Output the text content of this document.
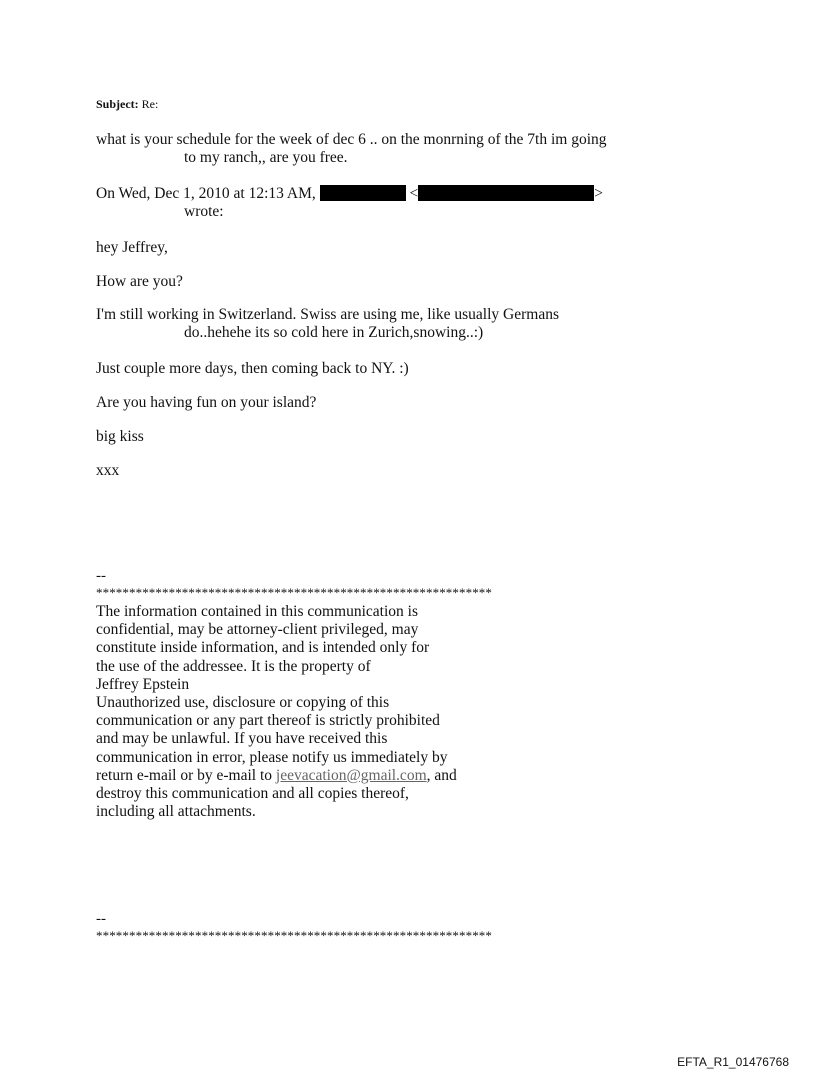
Subject: Re:
what is your schedule for the week of dec 6 .. on the monrning of the 7th im going
to my ranch,, are you free.
On Wed, Dec 1, 2010 at 12:13 AM,	<	>
wrote:
hey Jeffrey,
How are you?
I'm still working in Switzerland. Swiss are using me, like usually Germans
do..hehehe its so cold here in Zurich,snowing..:)
Just couple more days, then coming back to NY. :)
Are you having fun on your island?
big kiss
xxx
--
************************************************************
The information contained in this communication is
confidential, may be attorney-client privileged, may
constitute inside information, and is intended only for
the use of the addressee. It is the property of
Jeffrey Epstein
Unauthorized use, disclosure or copying of this
communication or any part thereof is strictly prohibited
and may be unlawful. If you have received this
communication in error, please notify us immediately by
return e-mail or by e-mail to jeevacation@gmail.com, and
destroy this communication and all copies thereof,
including all attachments.
--
************************************************************
EFTA_R1_01476768
